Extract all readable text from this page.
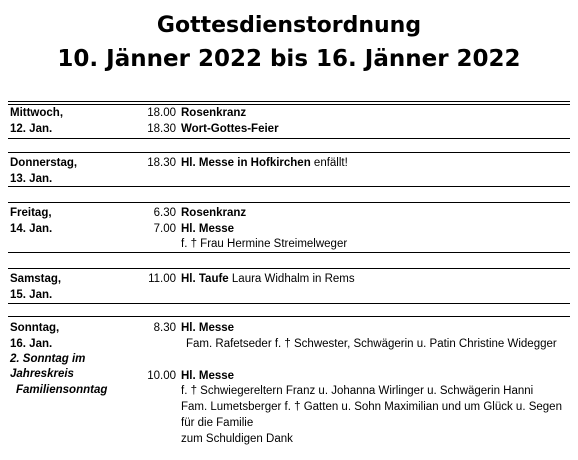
Gottesdienstordnung
10. Jänner 2022 bis 16. Jänner 2022
Mittwoch,
12. Jan.
18.00 Rosenkranz
18.30 Wort-Gottes-Feier
Donnerstag,
13. Jan.
18.30 Hl. Messe in Hofkirchen enfällt!
Freitag,
14. Jan.
6.30 Rosenkranz
7.00 Hl. Messe
f. † Frau Hermine Streimelweger
Samstag,
15. Jan.
11.00 Hl. Taufe Laura Widhalm in Rems
Sonntag,
16. Jan.
2. Sonntag im
Jahreskreis
Familiensonntag
8.30 Hl. Messe
Fam. Rafetseder f. † Schwester, Schwägerin u. Patin Christine Widegger
10.00 Hl. Messe
f. † Schwiegereltern Franz u. Johanna Wirlinger u. Schwägerin Hanni
Fam. Lumetsberger f. † Gatten u. Sohn Maximilian und um Glück u. Segen
für die Familie
zum Schuldigen Dank
